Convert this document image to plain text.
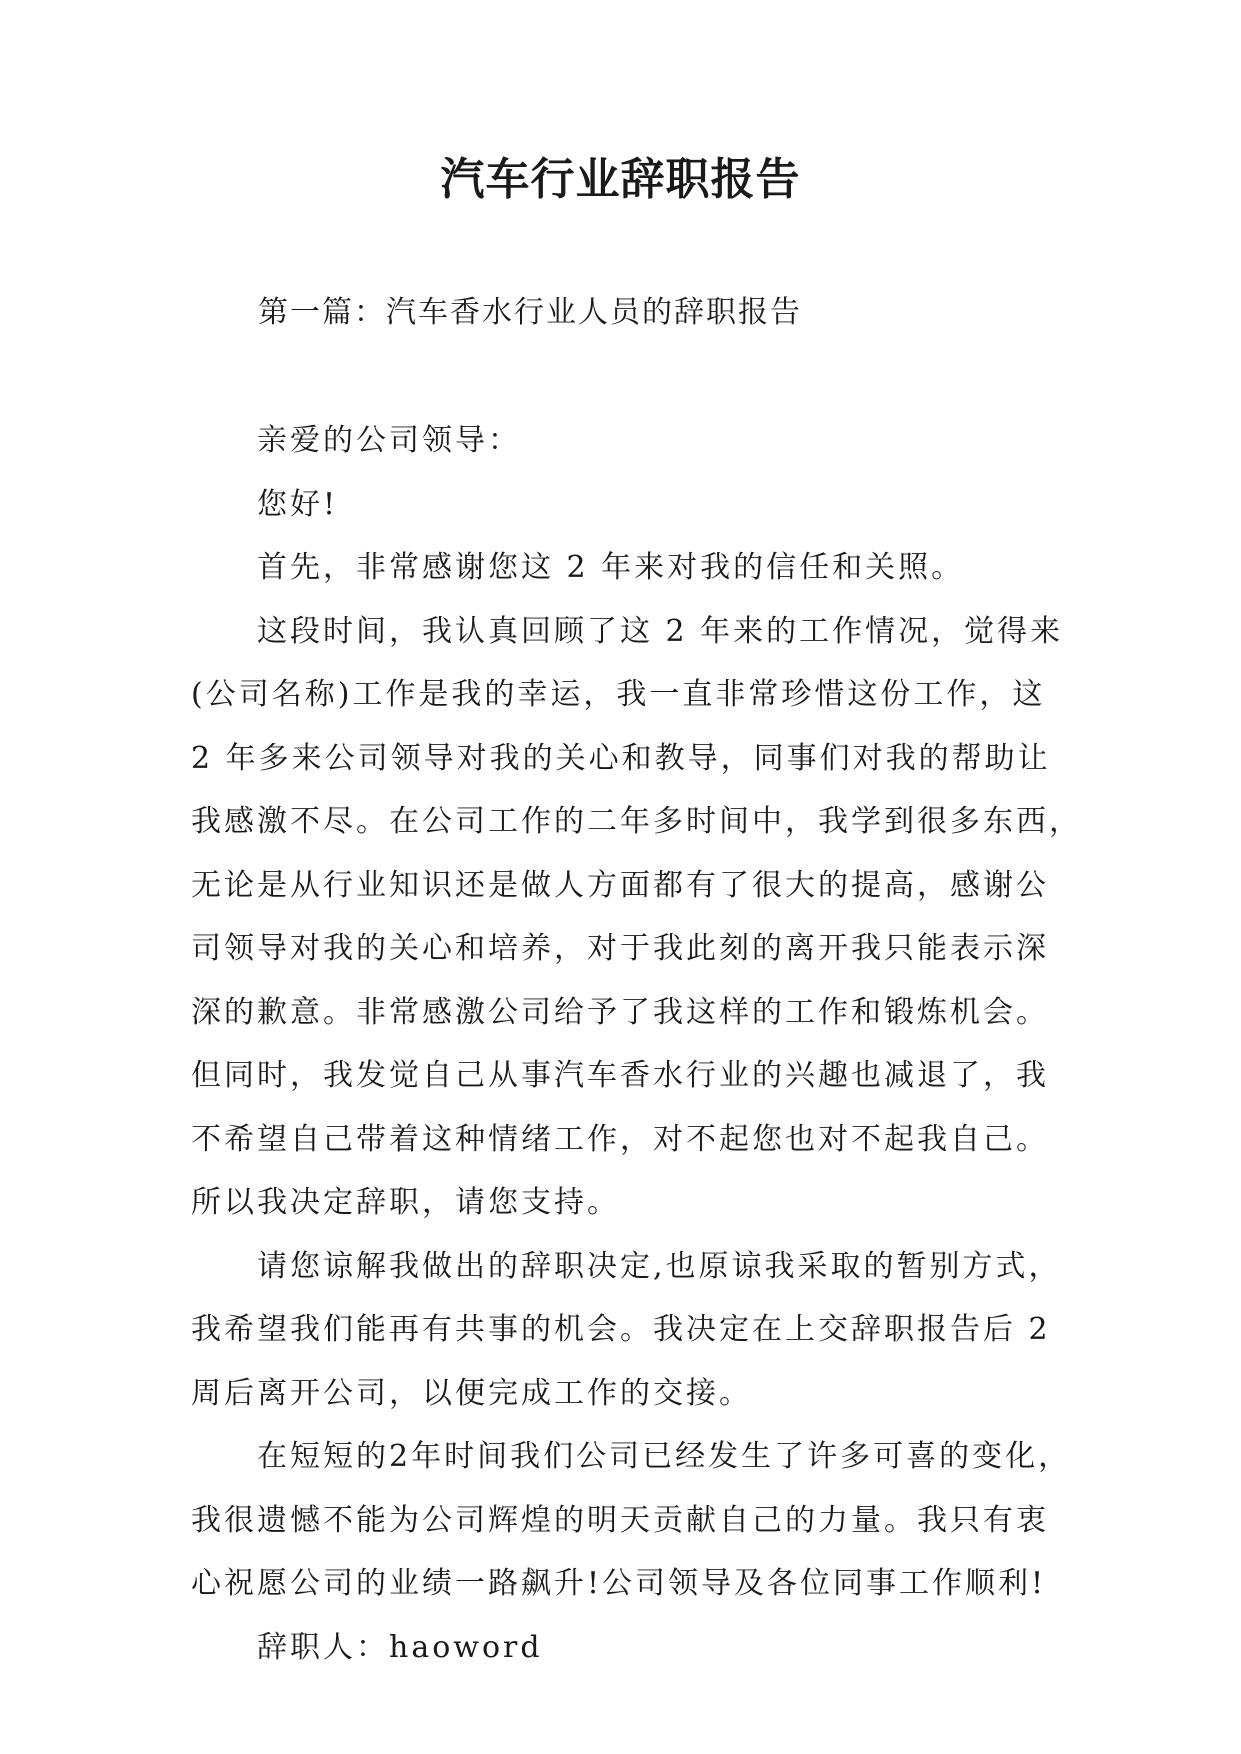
汽车行业辞职报告

第一篇：汽车香水行业人员的辞职报告

亲爱的公司领导：
您好!
首先，非常感谢您这 2 年来对我的信任和关照。
这段时间，我认真回顾了这 2 年来的工作情况，觉得来
(公司名称)工作是我的幸运，我一直非常珍惜这份工作，这
2 年多来公司领导对我的关心和教导，同事们对我的帮助让
我感激不尽。在公司工作的二年多时间中，我学到很多东西，
无论是从行业知识还是做人方面都有了很大的提高，感谢公
司领导对我的关心和培养，对于我此刻的离开我只能表示深
深的歉意。非常感激公司给予了我这样的工作和锻炼机会。
但同时，我发觉自己从事汽车香水行业的兴趣也减退了，我
不希望自己带着这种情绪工作，对不起您也对不起我自己。
所以我决定辞职，请您支持。
请您谅解我做出的辞职决定,也原谅我采取的暂别方式，
我希望我们能再有共事的机会。我决定在上交辞职报告后 2
周后离开公司，以便完成工作的交接。
在短短的2年时间我们公司已经发生了许多可喜的变化，
我很遗憾不能为公司辉煌的明天贡献自己的力量。我只有衷
心祝愿公司的业绩一路飙升!公司领导及各位同事工作顺利!
辞职人：haoword
